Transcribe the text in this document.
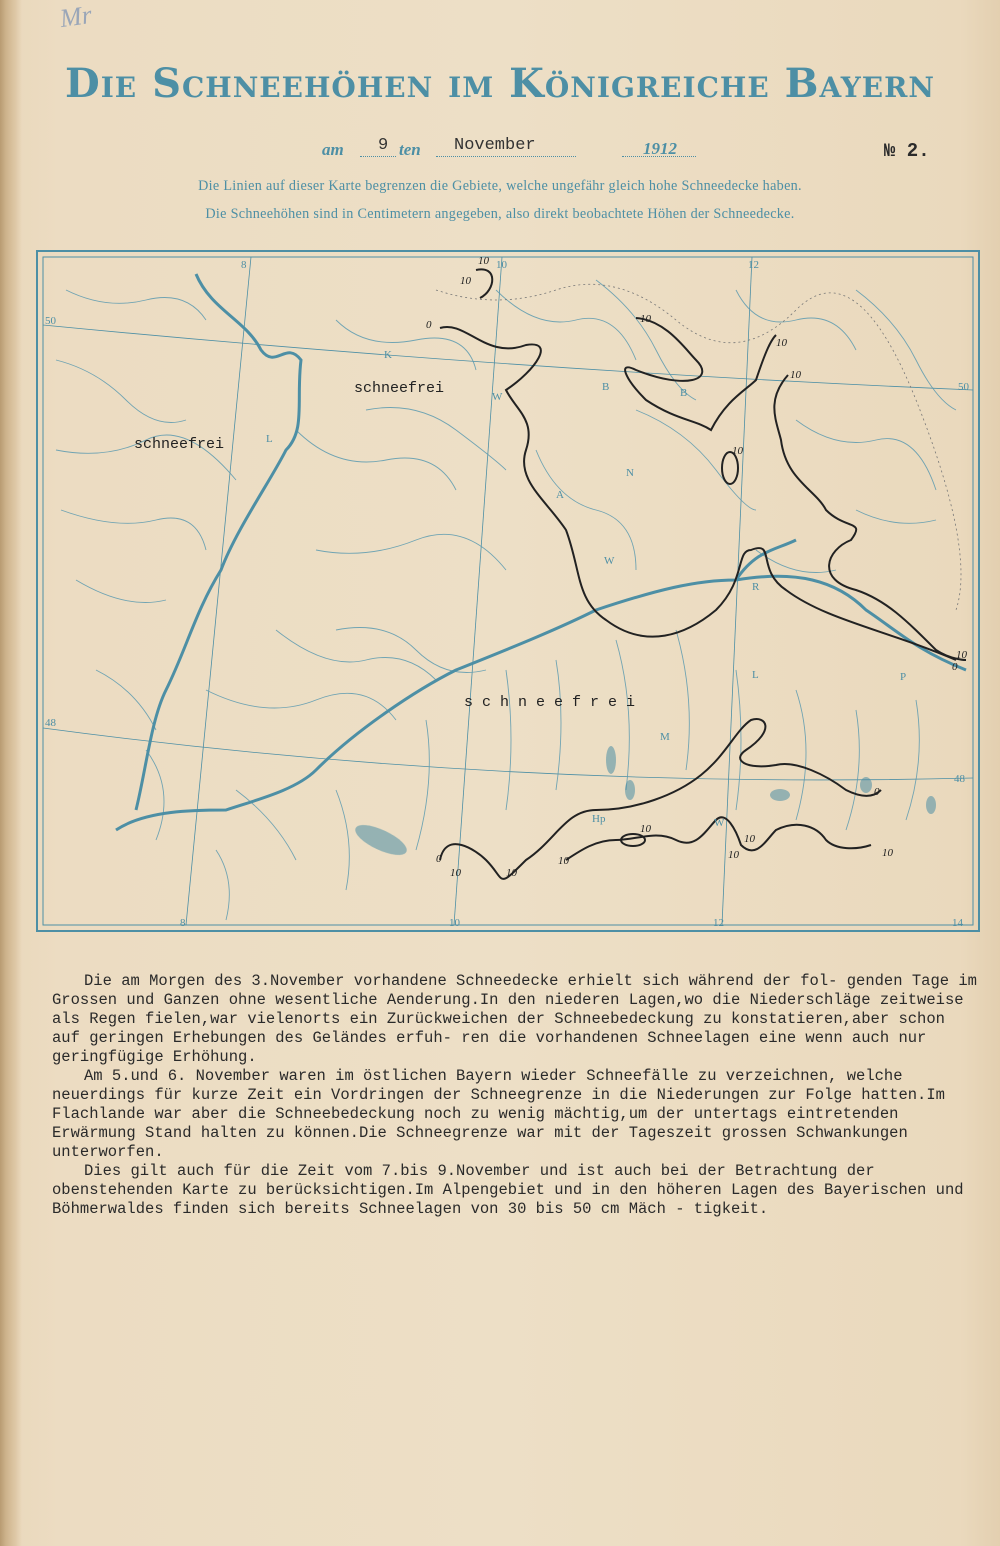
Mr
Die Schneehöhen im Königreiche Bayern
am 9 ten November	1912	№ 2.
Die Linien auf dieser Karte begrenzen die Gebiete, welche ungefähr gleich hohe Schneedecke haben.
Die Schneehöhen sind in Centimetern angegeben, also direkt beobachtete Höhen der Schneedecke.
8	10	12
8	10	12	14
50
48
50
48
10
10
0	10
10
10
10
10
0
0
10	10
10
10
10
10
0
10
K
W
B	B
L
N
A
W
R
L	P
M
Hp	W
schneefrei
schneefrei
s c h n e e f r e i

Die am Morgen des 3.November vorhandene Schneedecke erhielt sich während der fol- genden Tage im Grossen und Ganzen ohne wesentliche Aenderung.In den niederen Lagen,wo die Niederschläge zeitweise als Regen fielen,war vielenorts ein Zurückweichen der Schneebedeckung zu konstatieren,aber schon auf geringen Erhebungen des Geländes erfuh- ren die vorhandenen Schneelagen eine wenn auch nur geringfügige Erhöhung.

Am 5.und 6. November waren im östlichen Bayern wieder Schneefälle zu verzeichnen, welche neuerdings für kurze Zeit ein Vordringen der Schneegrenze in die Niederungen zur Folge hatten.Im Flachlande war aber die Schneebedeckung noch zu wenig mächtig,um der untertags eintretenden Erwärmung Stand halten zu können.Die Schneegrenze war mit der Tageszeit grossen Schwankungen unterworfen.

Dies gilt auch für die Zeit vom 7.bis 9.November und ist auch bei der Betrachtung der obenstehenden Karte zu berücksichtigen.Im Alpengebiet und in den höheren Lagen des Bayerischen und Böhmerwaldes finden sich bereits Schneelagen von 30 bis 50 cm Mäch - tigkeit.
